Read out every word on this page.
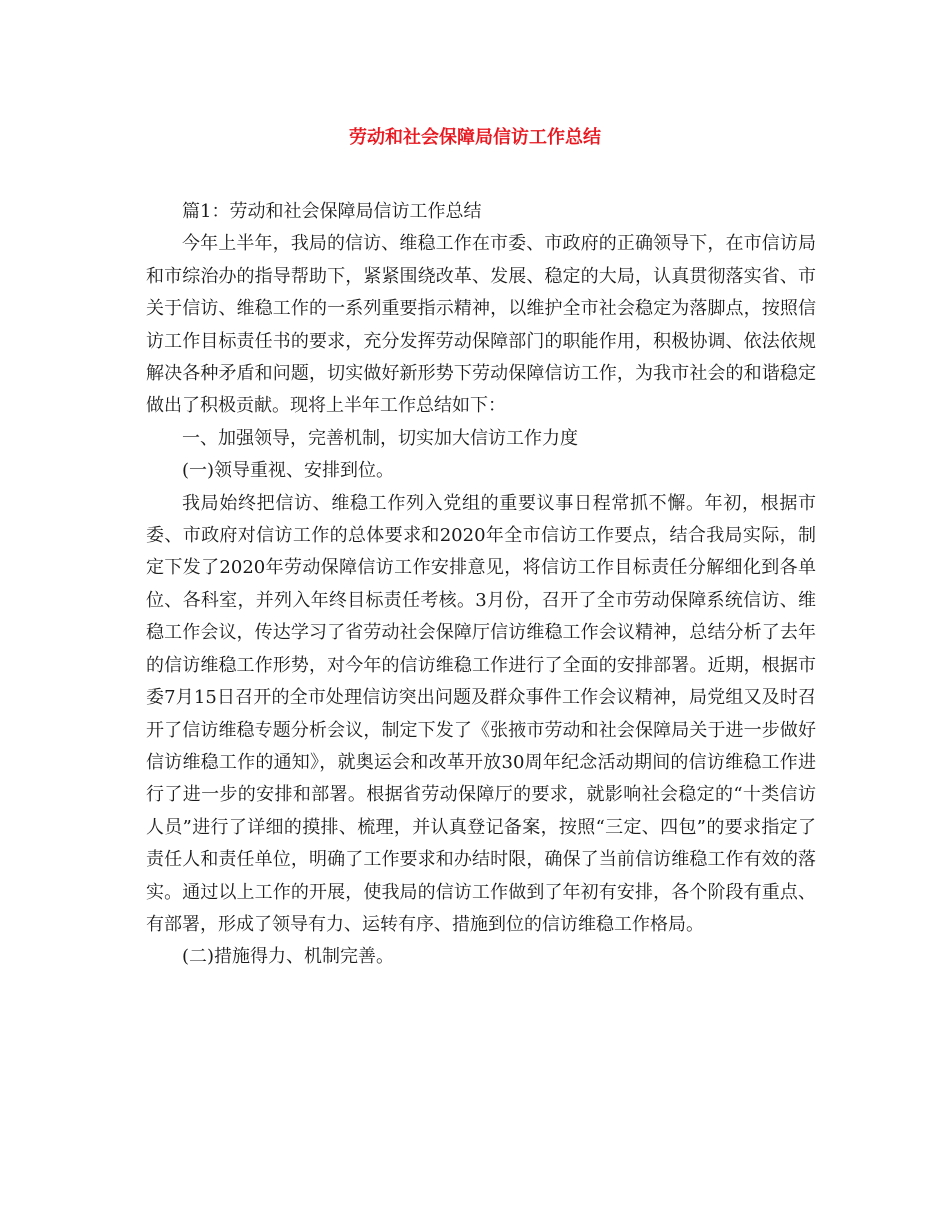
劳动和社会保障局信访工作总结

篇1：劳动和社会保障局信访工作总结

今年上半年，我局的信访、维稳工作在市委、市政府的正确领导下，在市信访局和市综治办的指导帮助下，紧紧围绕改革、发展、稳定的大局，认真贯彻落实省、市关于信访、维稳工作的一系列重要指示精神，以维护全市社会稳定为落脚点，按照信访工作目标责任书的要求，充分发挥劳动保障部门的职能作用，积极协调、依法依规解决各种矛盾和问题，切实做好新形势下劳动保障信访工作，为我市社会的和谐稳定做出了积极贡献。现将上半年工作总结如下：

一、加强领导，完善机制，切实加大信访工作力度

(一)领导重视、安排到位。

我局始终把信访、维稳工作列入党组的重要议事日程常抓不懈。年初，根据市委、市政府对信访工作的总体要求和2020年全市信访工作要点，结合我局实际，制定下发了2020年劳动保障信访工作安排意见，将信访工作目标责任分解细化到各单位、各科室，并列入年终目标责任考核。3月份，召开了全市劳动保障系统信访、维稳工作会议，传达学习了省劳动社会保障厅信访维稳工作会议精神，总结分析了去年的信访维稳工作形势，对今年的信访维稳工作进行了全面的安排部署。近期，根据市委7月15日召开的全市处理信访突出问题及群众事件工作会议精神，局党组又及时召开了信访维稳专题分析会议，制定下发了《张掖市劳动和社会保障局关于进一步做好信访维稳工作的通知》，就奥运会和改革开放30周年纪念活动期间的信访维稳工作进行了进一步的安排和部署。根据省劳动保障厅的要求，就影响社会稳定的“十类信访人员”进行了详细的摸排、梳理，并认真登记备案，按照“三定、四包”的要求指定了责任人和责任单位，明确了工作要求和办结时限，确保了当前信访维稳工作有效的落实。通过以上工作的开展，使我局的信访工作做到了年初有安排，各个阶段有重点、有部署，形成了领导有力、运转有序、措施到位的信访维稳工作格局。

(二)措施得力、机制完善。
